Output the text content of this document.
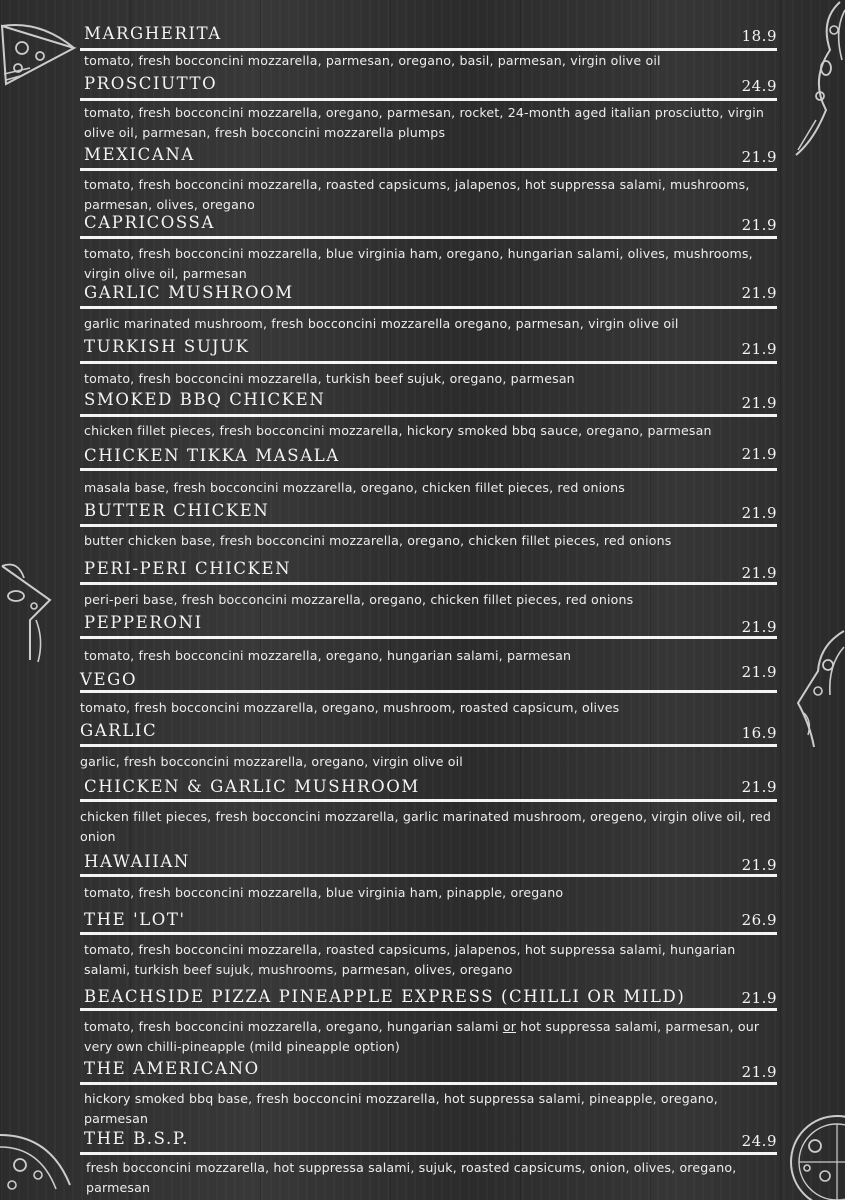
MARGHERITA	18.9
tomato, fresh bocconcini mozzarella, parmesan, oregano, basil, parmesan, virgin olive oil
PROSCIUTTO	24.9
tomato, fresh bocconcini mozzarella, oregano, parmesan, rocket, 24-month aged italian prosciutto, virgin olive oil, parmesan, fresh bocconcini mozzarella plumps
MEXICANA	21.9
tomato, fresh bocconcini mozzarella, roasted capsicums, jalapenos, hot suppressa salami, mushrooms, parmesan, olives, oregano
CAPRICOSSA	21.9
tomato, fresh bocconcini mozzarella, blue virginia ham, oregano, hungarian salami, olives, mushrooms, virgin olive oil, parmesan
GARLIC MUSHROOM	21.9
garlic marinated mushroom, fresh bocconcini mozzarella oregano, parmesan, virgin olive oil
TURKISH SUJUK	21.9
tomato, fresh bocconcini mozzarella, turkish beef sujuk, oregano, parmesan
SMOKED BBQ CHICKEN	21.9
chicken fillet pieces, fresh bocconcini mozzarella, hickory smoked bbq sauce, oregano, parmesan
CHICKEN TIKKA MASALA	21.9
masala base, fresh bocconcini mozzarella, oregano, chicken fillet pieces, red onions
BUTTER CHICKEN	21.9
butter chicken base, fresh bocconcini mozzarella, oregano, chicken fillet pieces, red onions
PERI-PERI CHICKEN	21.9
peri-peri base, fresh bocconcini mozzarella, oregano, chicken fillet pieces, red onions
PEPPERONI	21.9
tomato, fresh bocconcini mozzarella, oregano, hungarian salami, parmesan
VEGO	21.9
tomato, fresh bocconcini mozzarella, oregano, mushroom, roasted capsicum, olives
GARLIC	16.9
garlic, fresh bocconcini mozzarella, oregano, virgin olive oil
CHICKEN & GARLIC MUSHROOM	21.9
chicken fillet pieces, fresh bocconcini mozzarella, garlic marinated mushroom, oregeno, virgin olive oil, red onion
HAWAIIAN	21.9
tomato, fresh bocconcini mozzarella, blue virginia ham, pinapple, oregano
THE 'LOT'	26.9
tomato, fresh bocconcini mozzarella, roasted capsicums, jalapenos, hot suppressa salami, hungarian salami, turkish beef sujuk, mushrooms, parmesan, olives, oregano
BEACHSIDE PIZZA PINEAPPLE EXPRESS (CHILLI OR MILD)	21.9
tomato, fresh bocconcini mozzarella, oregano, hungarian salami or hot suppressa salami, parmesan, our very own chilli-pineapple (mild pineapple option)
THE AMERICANO	21.9
hickory smoked bbq base, fresh bocconcini mozzarella, hot suppressa salami, pineapple, oregano, parmesan
THE B.S.P.	24.9
fresh bocconcini mozzarella, hot suppressa salami, sujuk, roasted capsicums, onion, olives, oregano, parmesan
